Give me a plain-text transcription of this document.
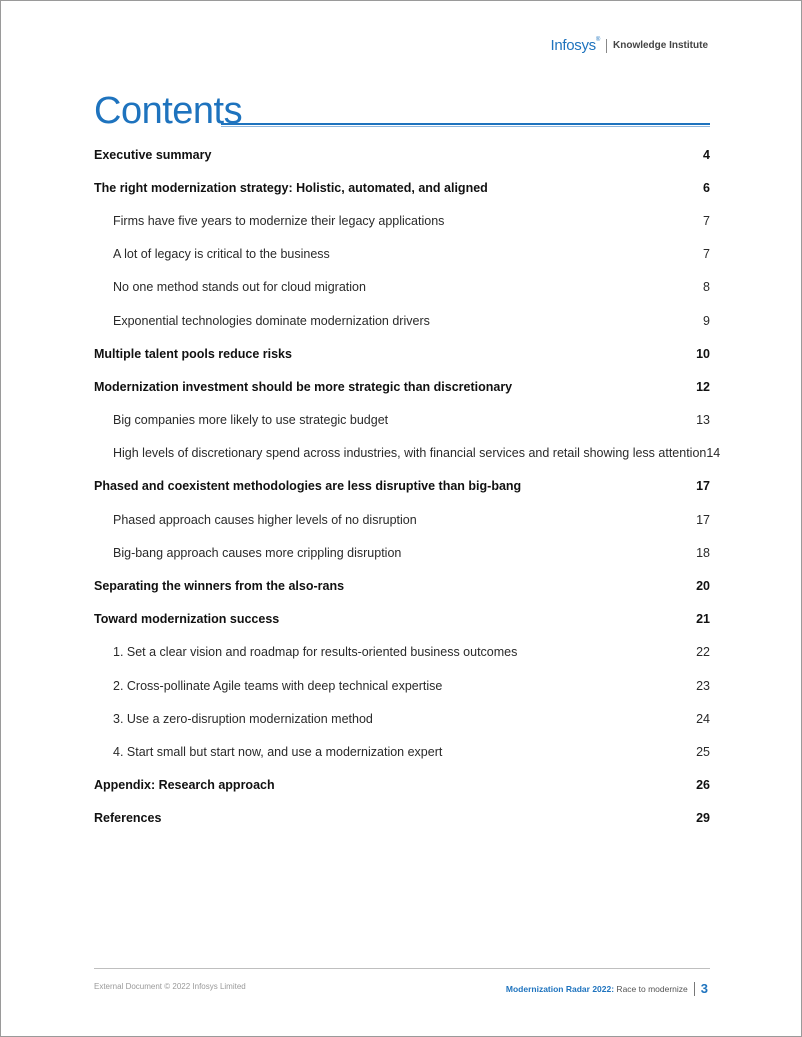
Infosys® Knowledge Institute
Contents
Executive summary	4
The right modernization strategy: Holistic, automated, and aligned	6
Firms have five years to modernize their legacy applications	7
A lot of legacy is critical to the business	7
No one method stands out for cloud migration	8
Exponential technologies dominate modernization drivers	9
Multiple talent pools reduce risks	10
Modernization investment should be more strategic than discretionary	12
Big companies more likely to use strategic budget	13
High levels of discretionary spend across industries, with financial services and retail showing less attention 14
Phased and coexistent methodologies are less disruptive than big-bang	17
Phased approach causes higher levels of no disruption	17
Big-bang approach causes more crippling disruption	18
Separating the winners from the also-rans	20
Toward modernization success	21
1. Set a clear vision and roadmap for results-oriented business outcomes	22
2. Cross-pollinate Agile teams with deep technical expertise	23
3. Use a zero-disruption modernization method	24
4. Start small but start now, and use a modernization expert	25
Appendix: Research approach	26
References	29
External Document © 2022 Infosys Limited	Modernization Radar 2022: Race to modernize 3
